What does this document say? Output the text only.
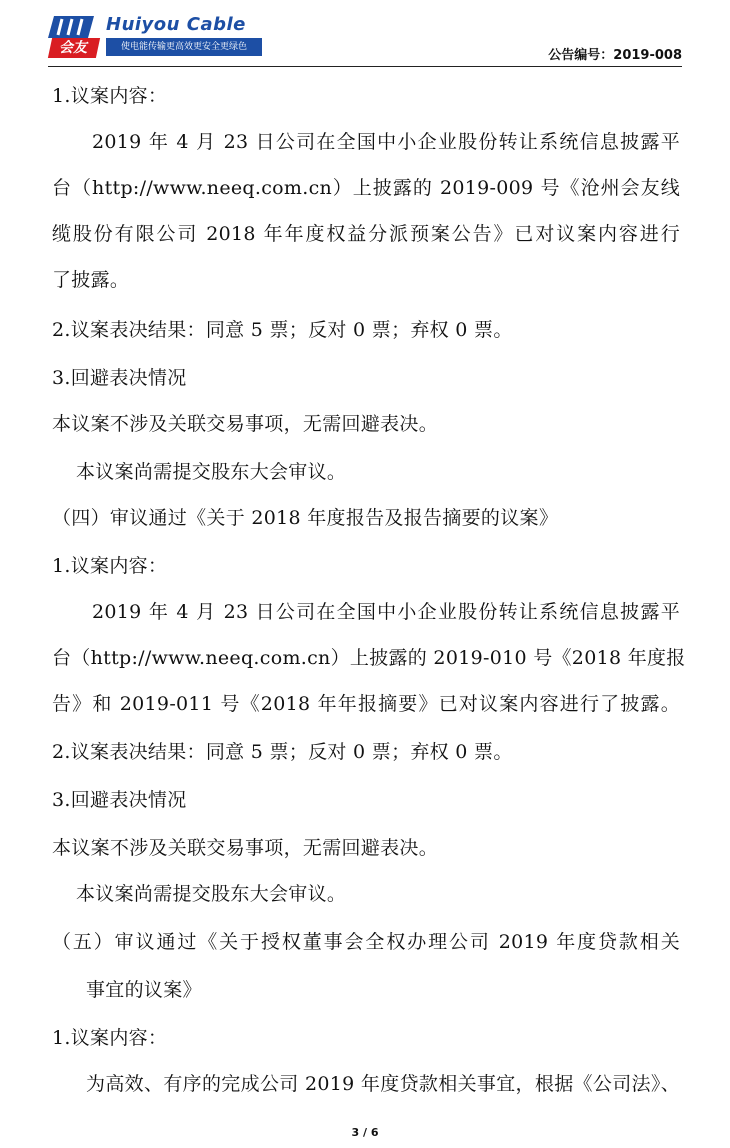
会友
Huiyou Cable
使电能传输更高效更安全更绿色
公告编号：2019-008
1.议案内容：
2019 年 4 月 23 日公司在全国中小企业股份转让系统信息披露平
台（http://www.neeq.com.cn）上披露的 2019-009 号《沧州会友线
缆股份有限公司 2018 年年度权益分派预案公告》已对议案内容进行
了披露。
2.议案表决结果：同意 5 票；反对 0 票；弃权 0 票。
3.回避表决情况
本议案不涉及关联交易事项，无需回避表决。
本议案尚需提交股东大会审议。
（四）审议通过《关于 2018 年度报告及报告摘要的议案》
1.议案内容：
2019 年 4 月 23 日公司在全国中小企业股份转让系统信息披露平
台（http://www.neeq.com.cn）上披露的 2019-010 号《2018 年度报
告》和 2019-011 号《2018 年年报摘要》已对议案内容进行了披露。
2.议案表决结果：同意 5 票；反对 0 票；弃权 0 票。
3.回避表决情况
本议案不涉及关联交易事项，无需回避表决。
本议案尚需提交股东大会审议。
（五）审议通过《关于授权董事会全权办理公司 2019 年度贷款相关
事宜的议案》
1.议案内容：
为高效、有序的完成公司 2019 年度贷款相关事宜，根据《公司法》、
3 / 6
